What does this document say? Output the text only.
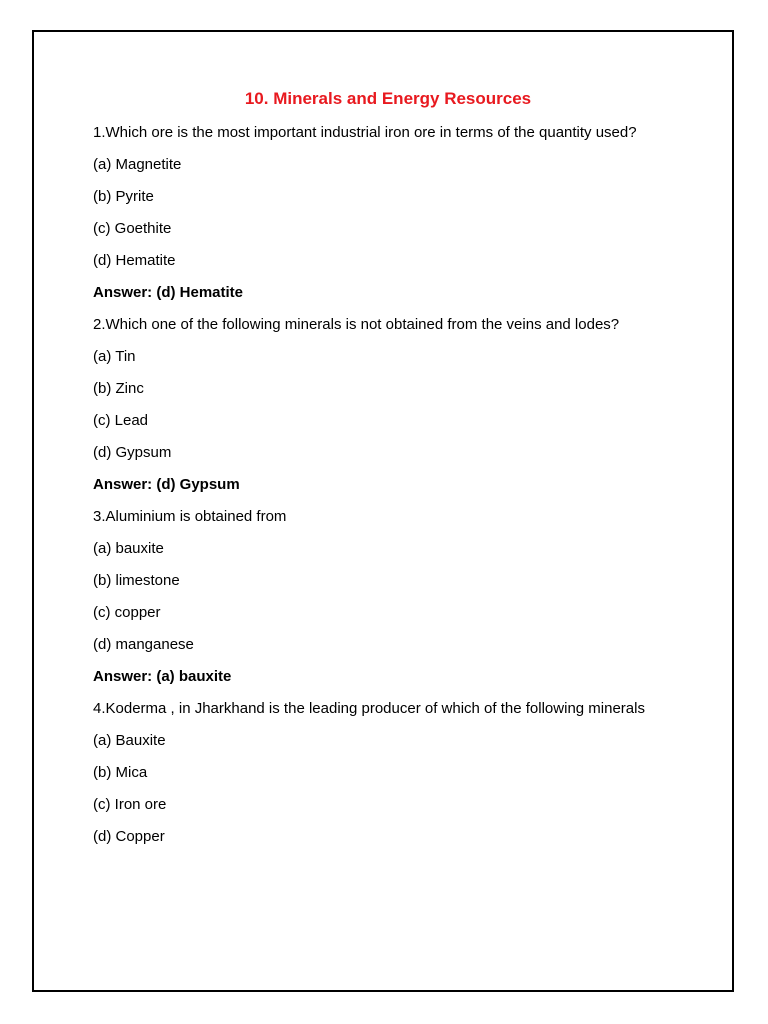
10. Minerals and Energy Resources
1.Which ore is the most important industrial iron ore in terms of the quantity used?
(a) Magnetite
(b) Pyrite
(c) Goethite
(d) Hematite
Answer: (d) Hematite
2.Which one of the following minerals is not obtained from the veins and lodes?
(a) Tin
(b) Zinc
(c) Lead
(d) Gypsum
Answer: (d) Gypsum
3.Aluminium is obtained from
(a) bauxite
(b) limestone
(c) copper
(d) manganese
Answer: (a) bauxite
4.Koderma , in Jharkhand is the leading producer of which of the following minerals
(a) Bauxite
(b) Mica
(c) Iron ore
(d) Copper
